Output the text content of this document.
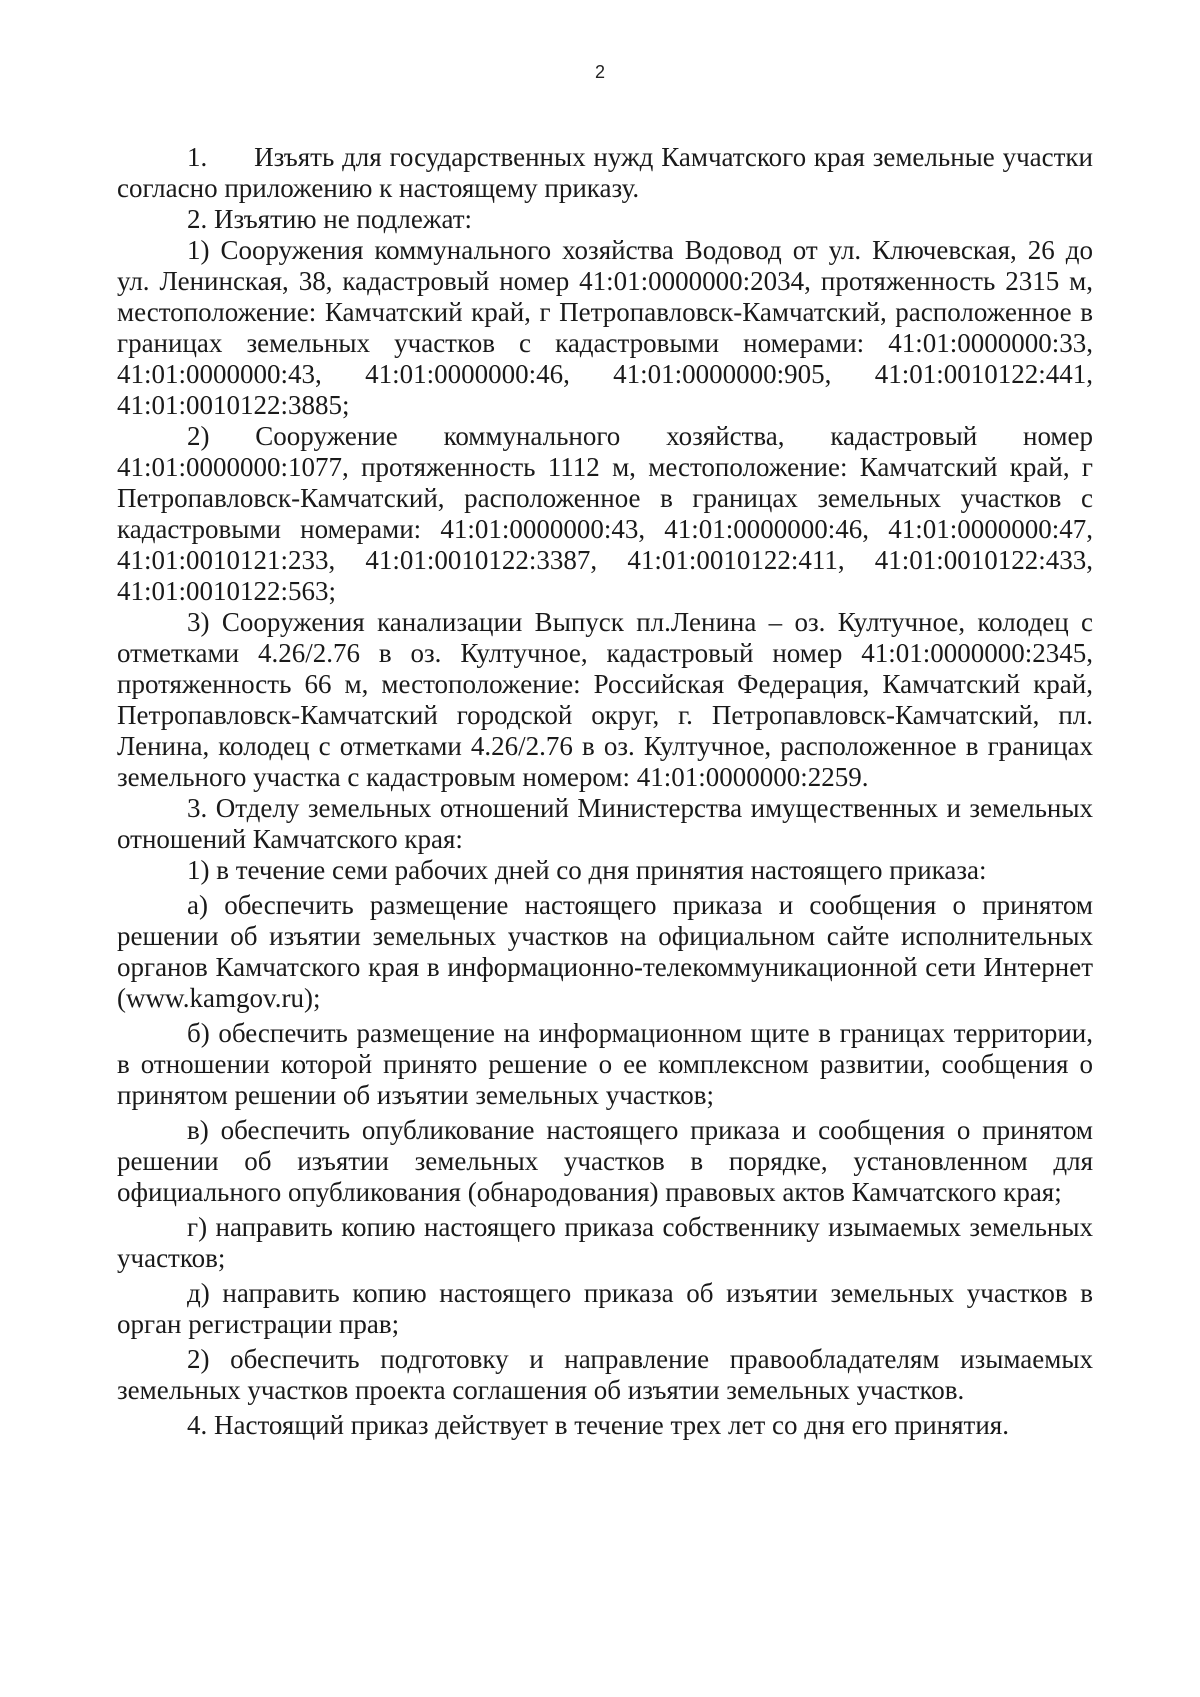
2

1.      Изъять для государственных нужд Камчатского края земельные участки согласно приложению к настоящему приказу.

2. Изъятию не подлежат:

1) Сооружения коммунального хозяйства Водовод от ул. Ключевская, 26 до ул. Ленинская, 38, кадастровый номер 41:01:0000000:2034, протяженность 2315 м, местоположение: Камчатский край, г Петропавловск-Камчатский, расположенное в границах земельных участков с кадастровыми номерами: 41:01:0000000:33, 41:01:0000000:43, 41:01:0000000:46, 41:01:0000000:905, 41:01:0010122:441, 41:01:0010122:3885;

2) Сооружение коммунального хозяйства, кадастровый номер 41:01:0000000:1077, протяженность 1112 м, местоположение: Камчатский край, г Петропавловск-Камчатский, расположенное в границах земельных участков с кадастровыми номерами: 41:01:0000000:43, 41:01:0000000:46, 41:01:0000000:47, 41:01:0010121:233, 41:01:0010122:3387, 41:01:0010122:411, 41:01:0010122:433, 41:01:0010122:563;

3) Сооружения канализации Выпуск пл.Ленина – оз. Култучное, колодец с отметками 4.26/2.76 в оз. Култучное, кадастровый номер 41:01:0000000:2345, протяженность 66 м, местоположение: Российская Федерация, Камчатский край, Петропавловск-Камчатский городской округ, г. Петропавловск-Камчатский, пл. Ленина, колодец с отметками 4.26/2.76 в оз. Култучное, расположенное в границах земельного участка с кадастровым номером: 41:01:0000000:2259.

3. Отделу земельных отношений Министерства имущественных и земельных отношений Камчатского края:

1) в течение семи рабочих дней со дня принятия настоящего приказа:

а) обеспечить размещение настоящего приказа и сообщения о принятом решении об изъятии земельных участков на официальном сайте исполнительных органов Камчатского края в информационно-телекоммуникационной сети Интернет (www.kamgov.ru);

б) обеспечить размещение на информационном щите в границах территории, в отношении которой принято решение о ее комплексном развитии, сообщения о принятом решении об изъятии земельных участков;

в) обеспечить опубликование настоящего приказа и сообщения о принятом решении об изъятии земельных участков в порядке, установленном для официального опубликования (обнародования) правовых актов Камчатского края;

г) направить копию настоящего приказа собственнику изымаемых земельных участков;

д) направить копию настоящего приказа об изъятии земельных участков в орган регистрации прав;

2) обеспечить подготовку и направление правообладателям изымаемых земельных участков проекта соглашения об изъятии земельных участков.

4. Настоящий приказ действует в течение трех лет со дня его принятия.
